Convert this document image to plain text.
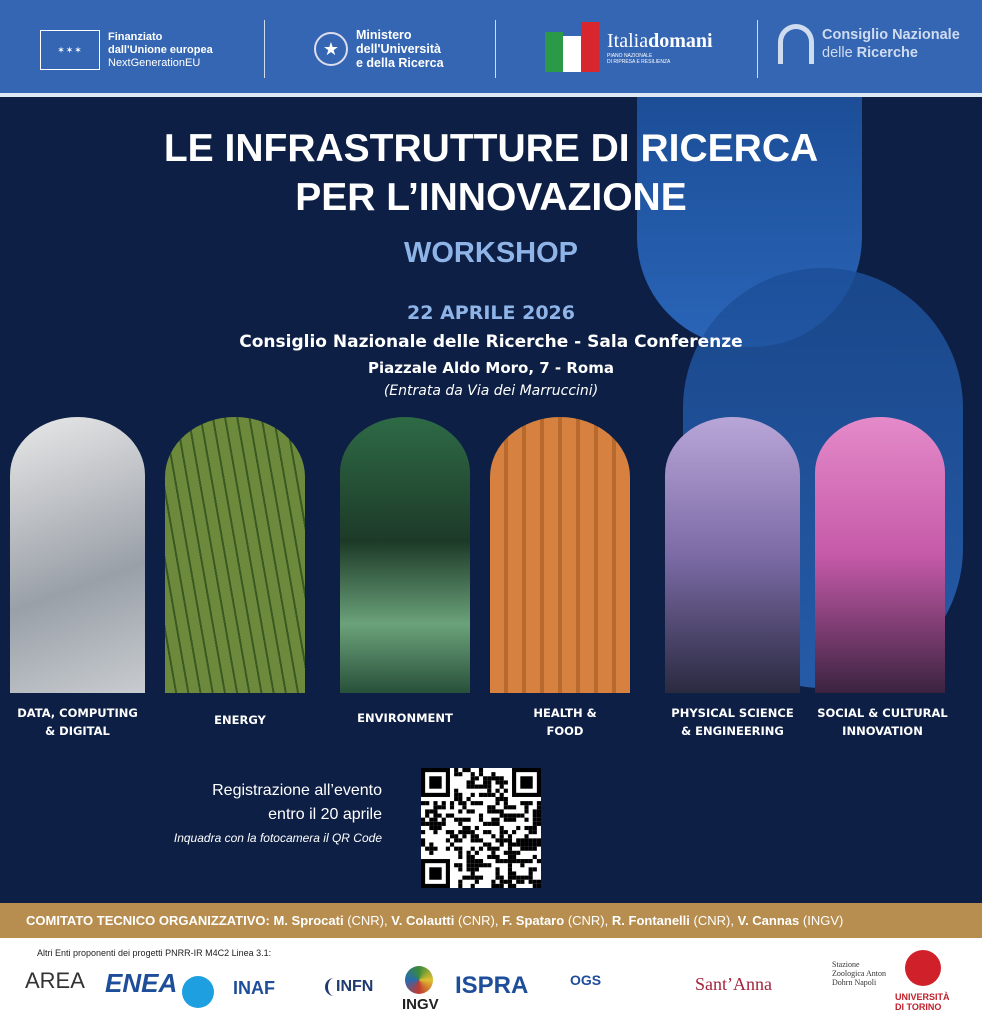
✶✶✶
Finanziato
dall'Unione europea
NextGenerationEU
★
Ministero
dell'Università
e della Ricerca
Italiadomani
PIANO NAZIONALE
DI RIPRESA E RESILIENZA
Consiglio Nazionale
delle Ricerche
LE INFRASTRUTTURE DI RICERCA
PER L’INNOVAZIONE
WORKSHOP
22 APRILE 2026
Consiglio Nazionale delle Ricerche - Sala Conferenze
Piazzale Aldo Moro, 7 - Roma
(Entrata da Via dei Marruccini)
DATA, COMPUTING
& DIGITAL
ENERGY	ENVIRONMENT	HEALTH &
FOOD
PHYSICAL SCIENCE
& ENGINEERING
SOCIAL & CULTURAL
INNOVATION
Registrazione all’evento
entro il 20 aprile
Inquadra con la fotocamera il QR Code
COMITATO TECNICO ORGANIZZATIVO: M. Sprocati (CNR), V. Colautti (CNR), F. Spataro (CNR), R. Fontanelli (CNR), V. Cannas (INGV)
Altri Enti proponenti dei progetti PNRR-IR M4C2 Linea 3.1:
AREA ENEA	INAF	INFN
INGV
ISPRA	OGS	Sant’Anna
Stazione Zoologica Anton Dohrn Napoli
UNIVERSITÀ DI TORINO
